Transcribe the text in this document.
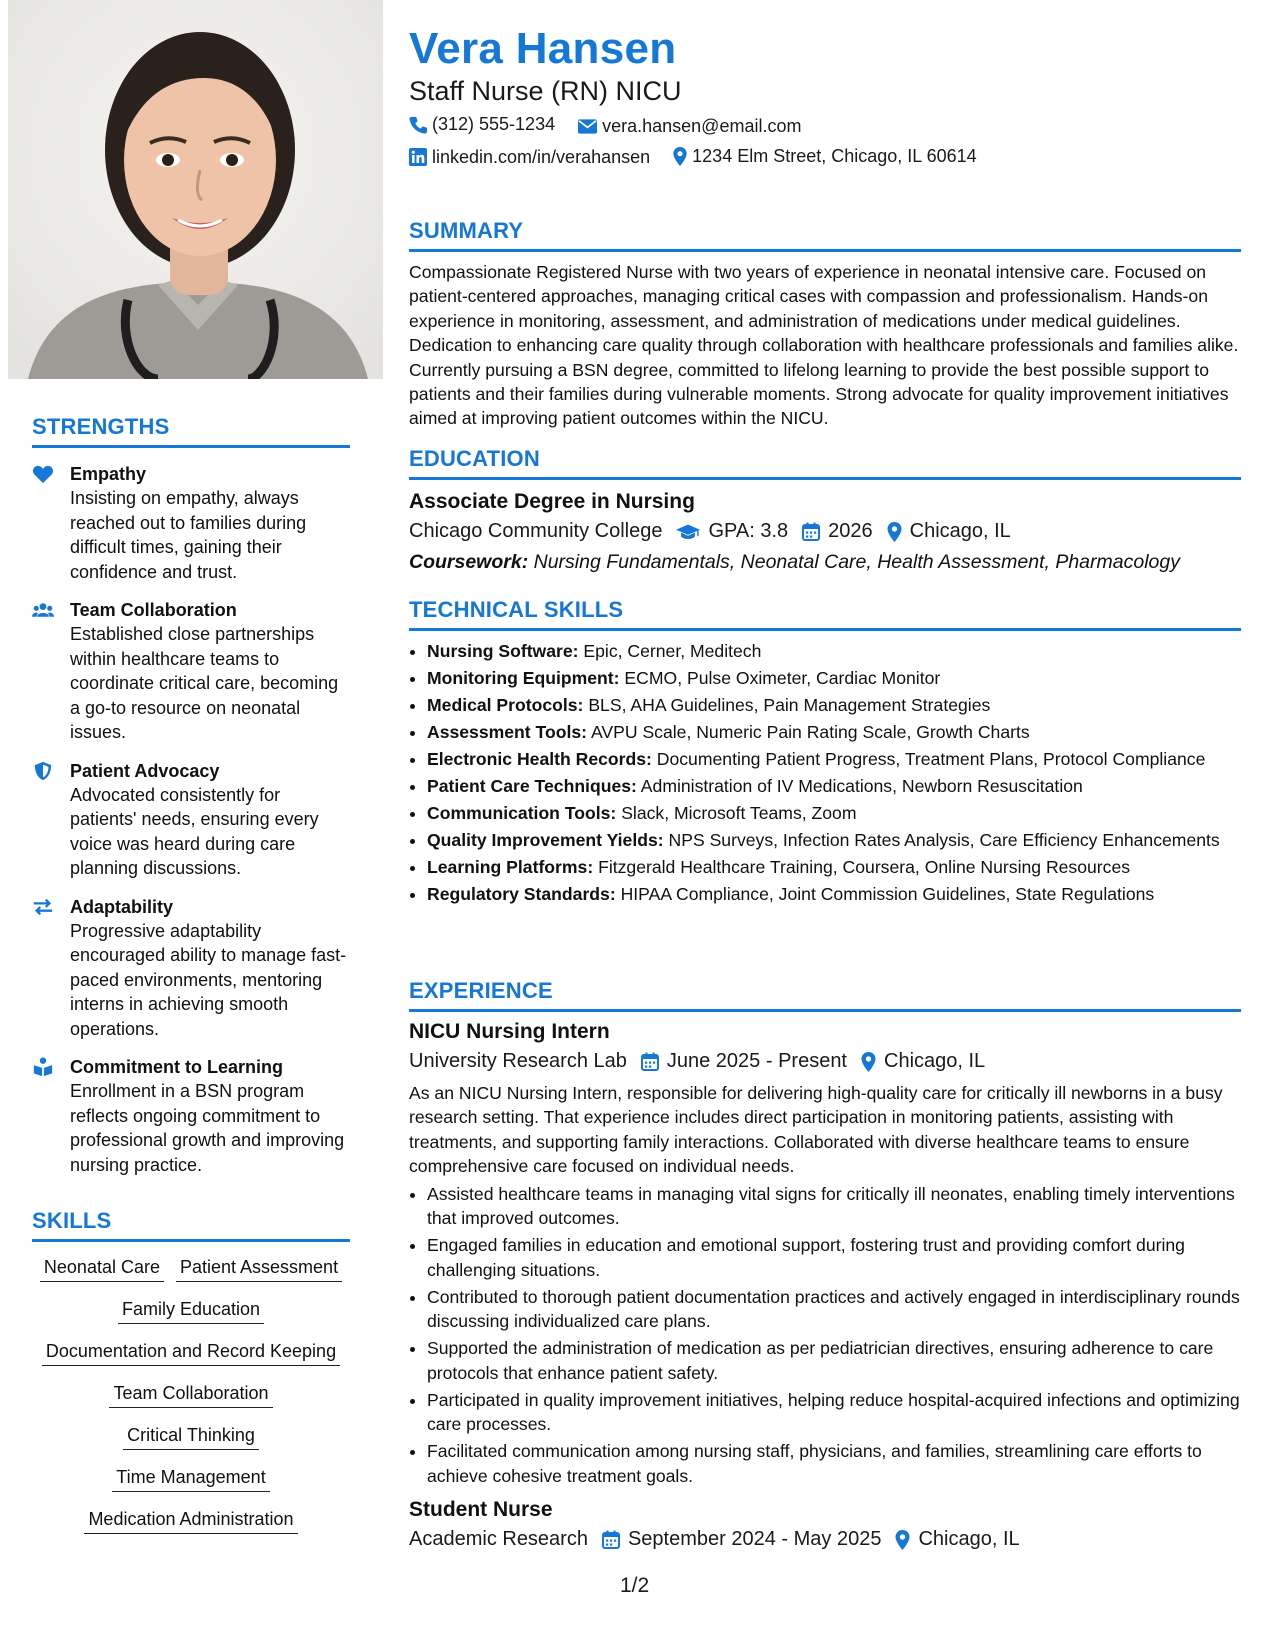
STRENGTHS
Empathy
Insisting on empathy, always reached out to families during difficult times, gaining their confidence and trust.
Team Collaboration
Established close partnerships within healthcare teams to coordinate critical care, becoming a go-to resource on neonatal issues.
Patient Advocacy
Advocated consistently for patients' needs, ensuring every voice was heard during care planning discussions.
Adaptability
Progressive adaptability encouraged ability to manage fast-paced environments, mentoring interns in achieving smooth operations.
Commitment to Learning
Enrollment in a BSN program reflects ongoing commitment to professional growth and improving nursing practice.
SKILLS
Neonatal Care Patient Assessment
Family Education
Documentation and Record Keeping
Team Collaboration
Critical Thinking
Time Management
Medication Administration
Vera Hansen
Staff Nurse (RN) NICU
(312) 555-1234
	vera.hansen@email.com
linkedin.com/in/verahansen
1234 Elm Street, Chicago, IL 60614
SUMMARY
Compassionate Registered Nurse with two years of experience in neonatal intensive care. Focused on patient-centered approaches, managing critical cases with compassion and professionalism. Hands-on experience in monitoring, assessment, and administration of medications under medical guidelines. Dedication to enhancing care quality through collaboration with healthcare professionals and families alike. Currently pursuing a BSN degree, committed to lifelong learning to provide the best possible support to patients and their families during vulnerable moments. Strong advocate for quality improvement initiatives aimed at improving patient outcomes within the NICU.
EDUCATION
Associate Degree in Nursing
Chicago Community College GPA: 3.8 2026 Chicago, IL
Coursework: Nursing Fundamentals, Neonatal Care, Health Assessment, Pharmacology
TECHNICAL SKILLS
• Nursing Software: Epic, Cerner, Meditech
• Monitoring Equipment: ECMO, Pulse Oximeter, Cardiac Monitor
• Medical Protocols: BLS, AHA Guidelines, Pain Management Strategies
• Assessment Tools: AVPU Scale, Numeric Pain Rating Scale, Growth Charts
• Electronic Health Records: Documenting Patient Progress, Treatment Plans, Protocol Compliance
• Patient Care Techniques: Administration of IV Medications, Newborn Resuscitation
• Communication Tools: Slack, Microsoft Teams, Zoom
• Quality Improvement Yields: NPS Surveys, Infection Rates Analysis, Care Efficiency Enhancements
• Learning Platforms: Fitzgerald Healthcare Training, Coursera, Online Nursing Resources
• Regulatory Standards: HIPAA Compliance, Joint Commission Guidelines, State Regulations
EXPERIENCE
NICU Nursing Intern
University Research Lab June 2025 - Present Chicago, IL
As an NICU Nursing Intern, responsible for delivering high-quality care for critically ill newborns in a busy research setting. That experience includes direct participation in monitoring patients, assisting with treatments, and supporting family interactions. Collaborated with diverse healthcare teams to ensure comprehensive care focused on individual needs.
• Assisted healthcare teams in managing vital signs for critically ill neonates, enabling timely interventions that improved outcomes.
• Engaged families in education and emotional support, fostering trust and providing comfort during challenging situations.
• Contributed to thorough patient documentation practices and actively engaged in interdisciplinary rounds discussing individualized care plans.
• Supported the administration of medication as per pediatrician directives, ensuring adherence to care protocols that enhance patient safety.
• Participated in quality improvement initiatives, helping reduce hospital-acquired infections and optimizing care processes.
• Facilitated communication among nursing staff, physicians, and families, streamlining care efforts to achieve cohesive treatment goals.
Student Nurse
Academic Research September 2024 - May 2025 Chicago, IL
1/2
